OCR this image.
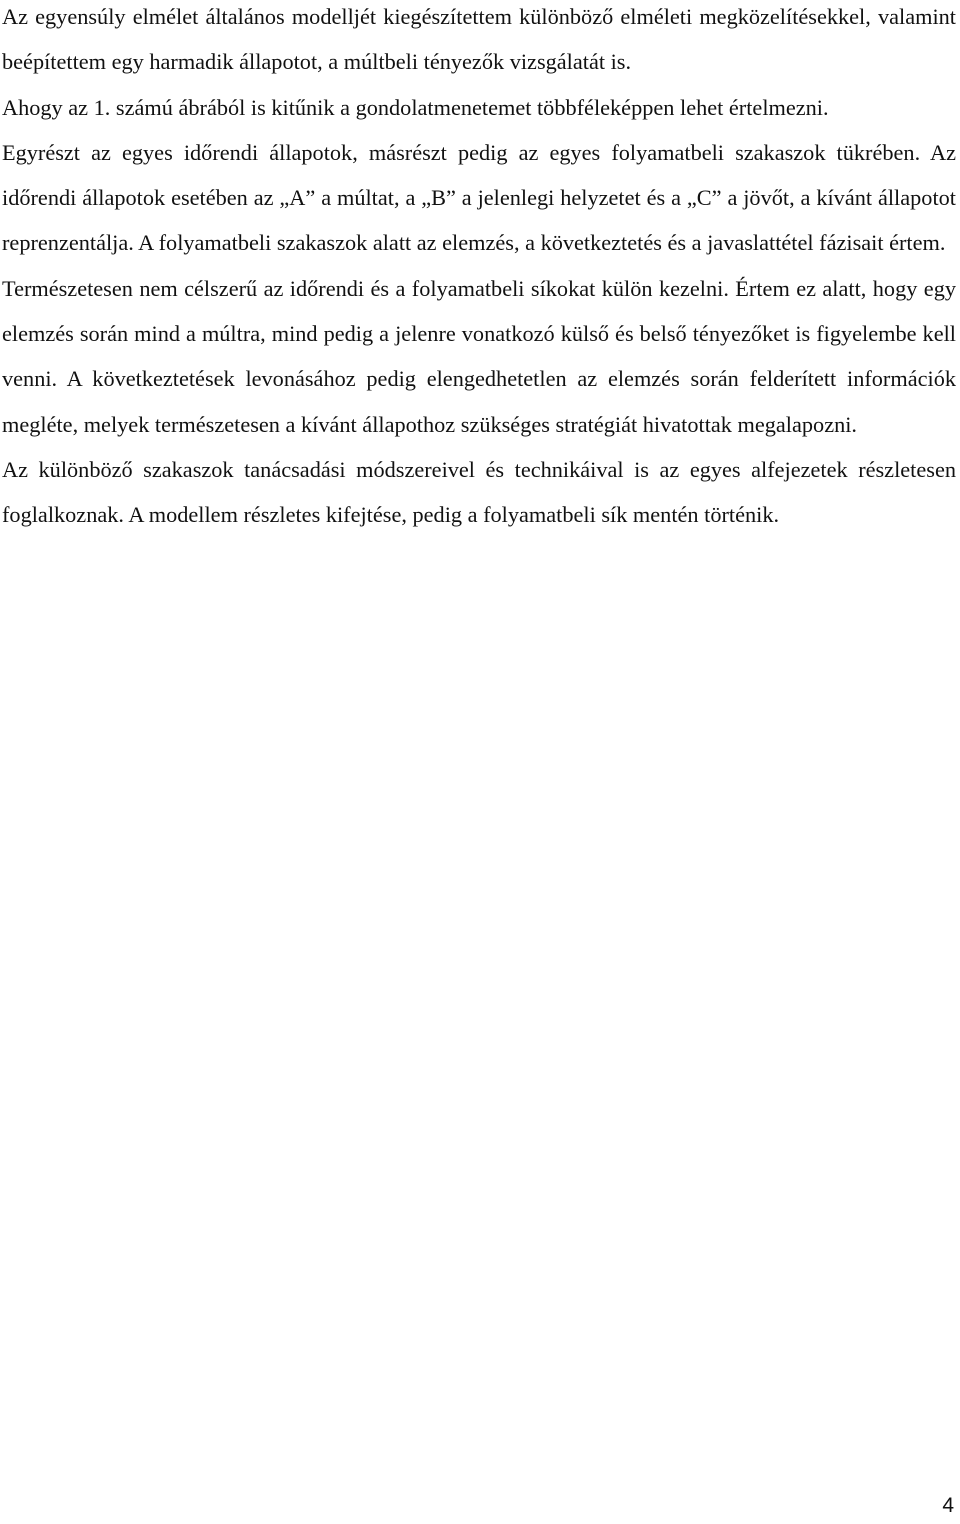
Az egyensúly elmélet általános modelljét kiegészítettem különböző elméleti megközelítésekkel, valamint beépítettem egy harmadik állapotot, a múltbeli tényezők vizsgálatát is.

Ahogy az 1. számú ábrából is kitűnik a gondolatmenetemet többféleképpen lehet értelmezni.

Egyrészt az egyes időrendi állapotok, másrészt pedig az egyes folyamatbeli szakaszok tükrében. Az időrendi állapotok esetében az „A” a múltat, a „B” a jelenlegi helyzetet és a „C” a jövőt, a kívánt állapotot reprenzentálja. A folyamatbeli szakaszok alatt az elemzés, a következtetés és a javaslattétel fázisait értem.

Természetesen nem célszerű az időrendi és a folyamatbeli síkokat külön kezelni. Értem ez alatt, hogy egy elemzés során mind a múltra, mind pedig a jelenre vonatkozó külső és belső tényezőket is figyelembe kell venni. A következtetések levonásához pedig elengedhetetlen az elemzés során felderített információk megléte, melyek természetesen a kívánt állapothoz szükséges stratégiát hivatottak megalapozni.

Az különböző szakaszok tanácsadási módszereivel és technikáival is az egyes alfejezetek részletesen foglalkoznak. A modellem részletes kifejtése, pedig a folyamatbeli sík mentén történik.

4
